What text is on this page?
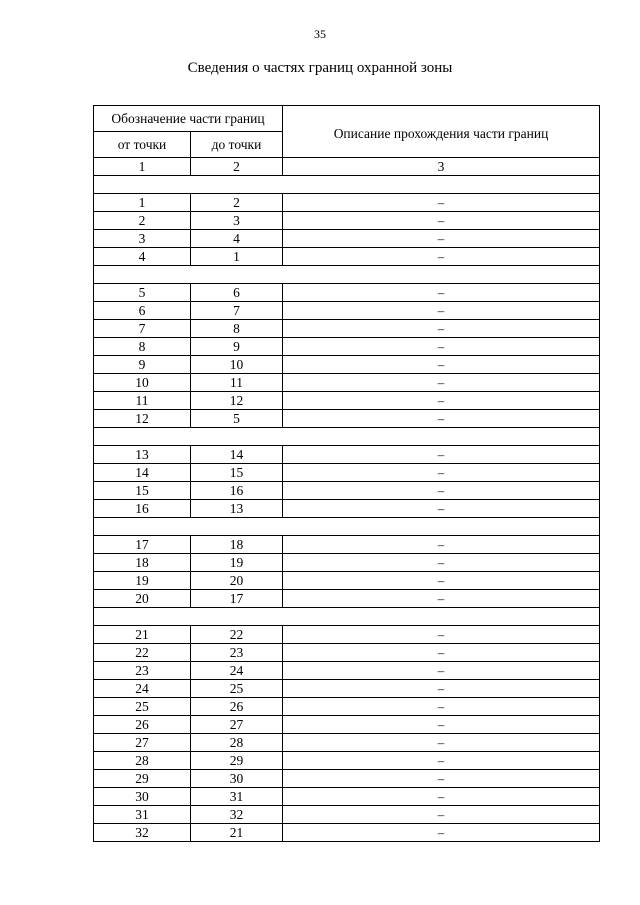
35
Сведения о частях границ охранной зоны
Обозначение части границ		Описание прохождения части границ
от точки	до точки	
1	2	3

1	2	–
2	3	–
3	4	–
4	1	–

5	6	–
6	7	–
7	8	–
8	9	–
9	10	–
10	11	–
11	12	–
12	5	–

13	14	–
14	15	–
15	16	–
16	13	–

17	18	–
18	19	–
19	20	–
20	17	–

21	22	–
22	23	–
23	24	–
24	25	–
25	26	–
26	27	–
27	28	–
28	29	–
29	30	–
30	31	–
31	32	–
32	21	–
